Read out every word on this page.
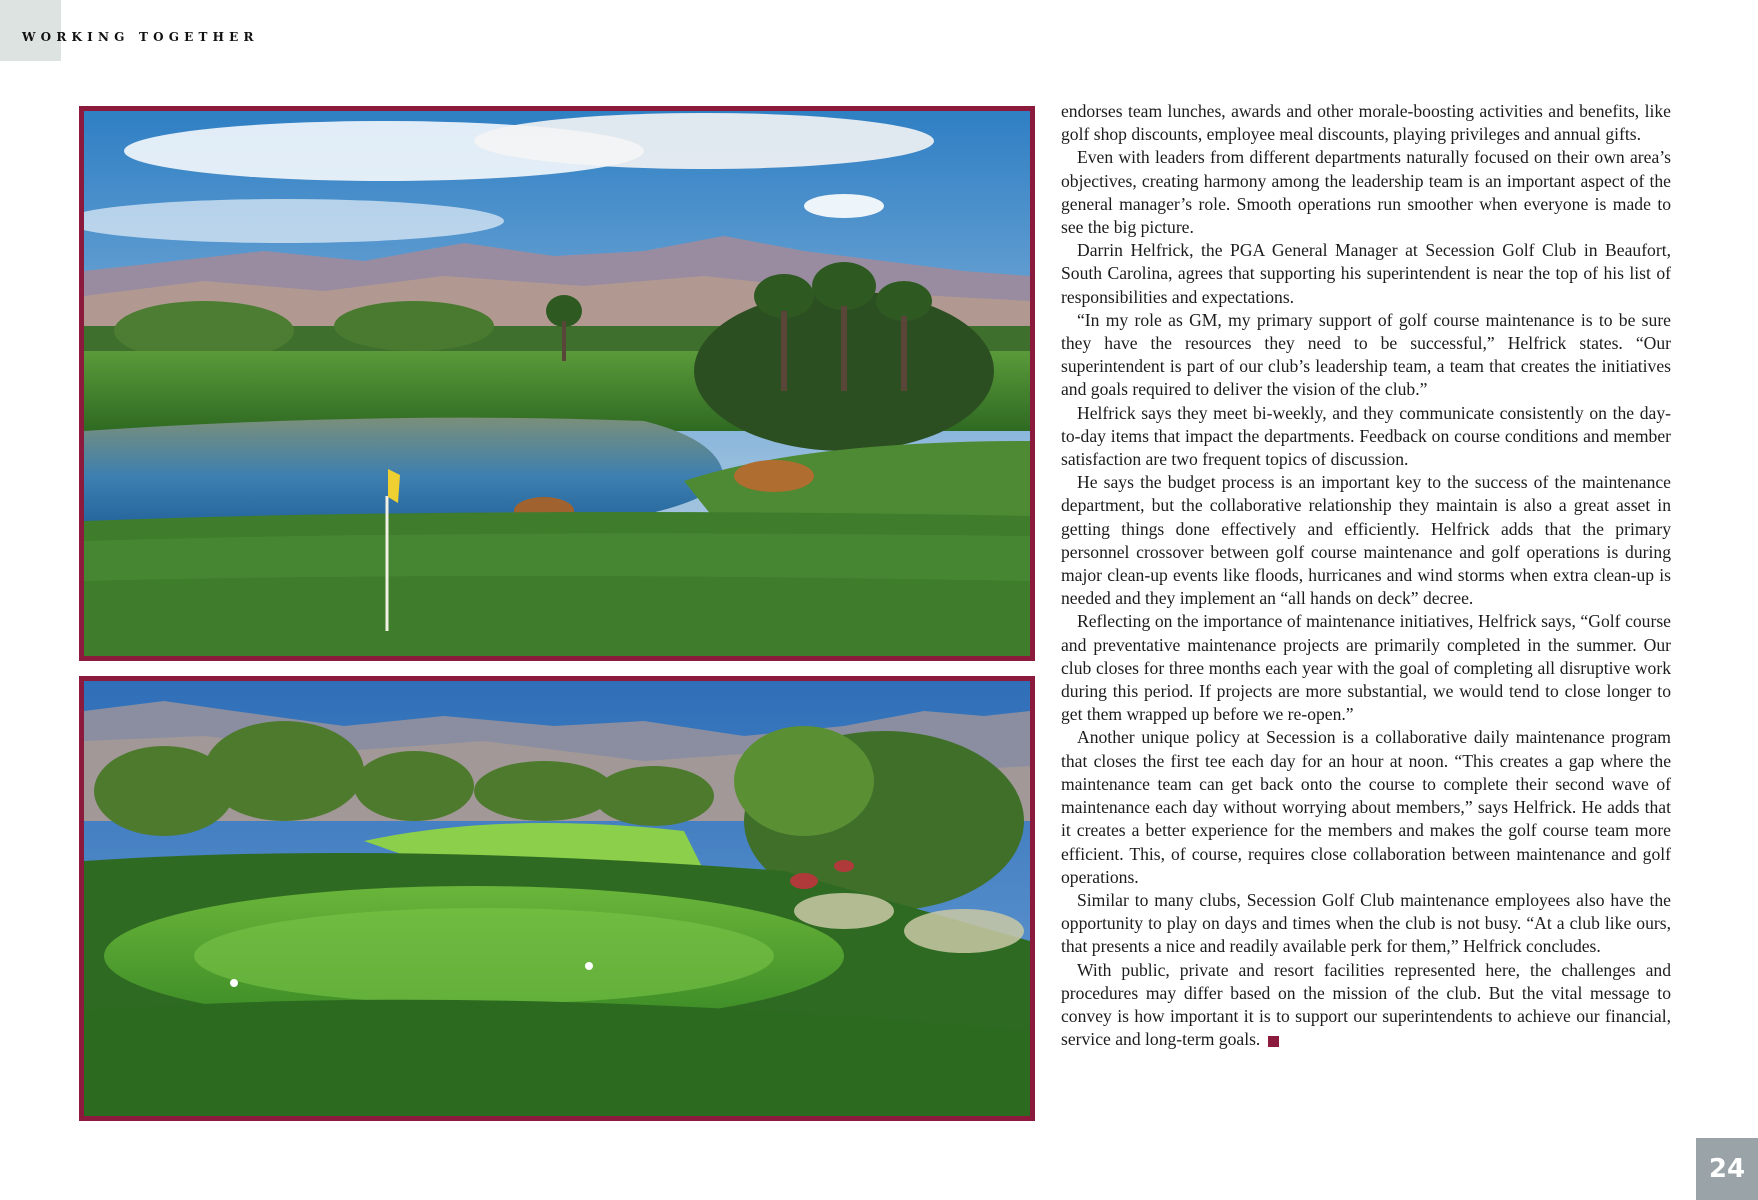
WORKING TOGETHER

endorses team lunches, awards and other morale-boosting activities and benefits, like golf shop discounts, employee meal discounts, playing privileges and annual gifts.

Even with leaders from different departments naturally focused on their own area’s objectives, creating harmony among the leadership team is an important aspect of the general manager’s role. Smooth operations run smoother when everyone is made to see the big picture.

Darrin Helfrick, the PGA General Manager at Secession Golf Club in Beaufort, South Carolina, agrees that supporting his superintendent is near the top of his list of responsibilities and expectations.

“In my role as GM, my primary support of golf course maintenance is to be sure they have the resources they need to be successful,” Helfrick states. “Our superintendent is part of our club’s leadership team, a team that creates the initiatives and goals required to deliver the vision of the club.”

Helfrick says they meet bi-weekly, and they communicate consistently on the day-to-day items that impact the departments. Feedback on course conditions and member satisfaction are two frequent topics of discussion.

He says the budget process is an important key to the success of the maintenance department, but the collaborative relationship they maintain is also a great asset in getting things done effectively and efficiently. Helfrick adds that the primary personnel crossover between golf course maintenance and golf operations is during major clean-up events like floods, hurricanes and wind storms when extra clean-up is needed and they implement an “all hands on deck” decree.

Reflecting on the importance of maintenance initiatives, Helfrick says, “Golf course and preventative maintenance projects are primarily completed in the summer. Our club closes for three months each year with the goal of completing all disruptive work during this period. If projects are more substantial, we would tend to close longer to get them wrapped up before we re-open.”

Another unique policy at Secession is a collaborative daily maintenance program that closes the first tee each day for an hour at noon. “This creates a gap where the maintenance team can get back onto the course to complete their second wave of maintenance each day without worrying about members,” says Helfrick. He adds that it creates a better experience for the members and makes the golf course team more efficient. This, of course, requires close collaboration between maintenance and golf operations.

Similar to many clubs, Secession Golf Club maintenance employees also have the opportunity to play on days and times when the club is not busy. “At a club like ours, that presents a nice and readily available perk for them,” Helfrick concludes.

With public, private and resort facilities represented here, the challenges and procedures may differ based on the mission of the club. But the vital message to convey is how important it is to support our superintendents to achieve our financial, service and long-term goals.

24
